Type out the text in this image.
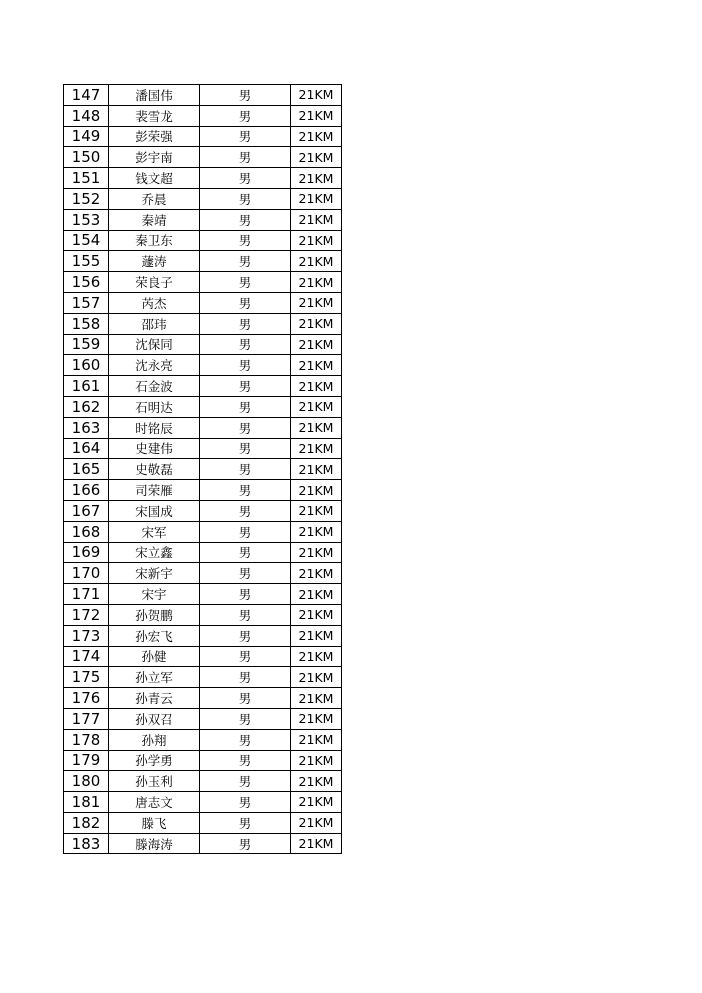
147	潘国伟	男	21KM
148	裴雪龙	男	21KM
149	彭荣强	男	21KM
150	彭宇南	男	21KM
151	钱文超	男	21KM
152	乔晨	男	21KM
153	秦靖	男	21KM
154	秦卫东	男	21KM
155	蘧涛	男	21KM
156	荣良子	男	21KM
157	芮杰	男	21KM
158	邵玮	男	21KM
159	沈保同	男	21KM
160	沈永亮	男	21KM
161	石金波	男	21KM
162	石明达	男	21KM
163	时铭辰	男	21KM
164	史建伟	男	21KM
165	史敬磊	男	21KM
166	司荣雁	男	21KM
167	宋国成	男	21KM
168	宋军	男	21KM
169	宋立鑫	男	21KM
170	宋新宇	男	21KM
171	宋宇	男	21KM
172	孙贺鹏	男	21KM
173	孙宏飞	男	21KM
174	孙健	男	21KM
175	孙立军	男	21KM
176	孙青云	男	21KM
177	孙双召	男	21KM
178	孙翔	男	21KM
179	孙学勇	男	21KM
180	孙玉利	男	21KM
181	唐志文	男	21KM
182	滕飞	男	21KM
183	滕海涛	男	21KM
